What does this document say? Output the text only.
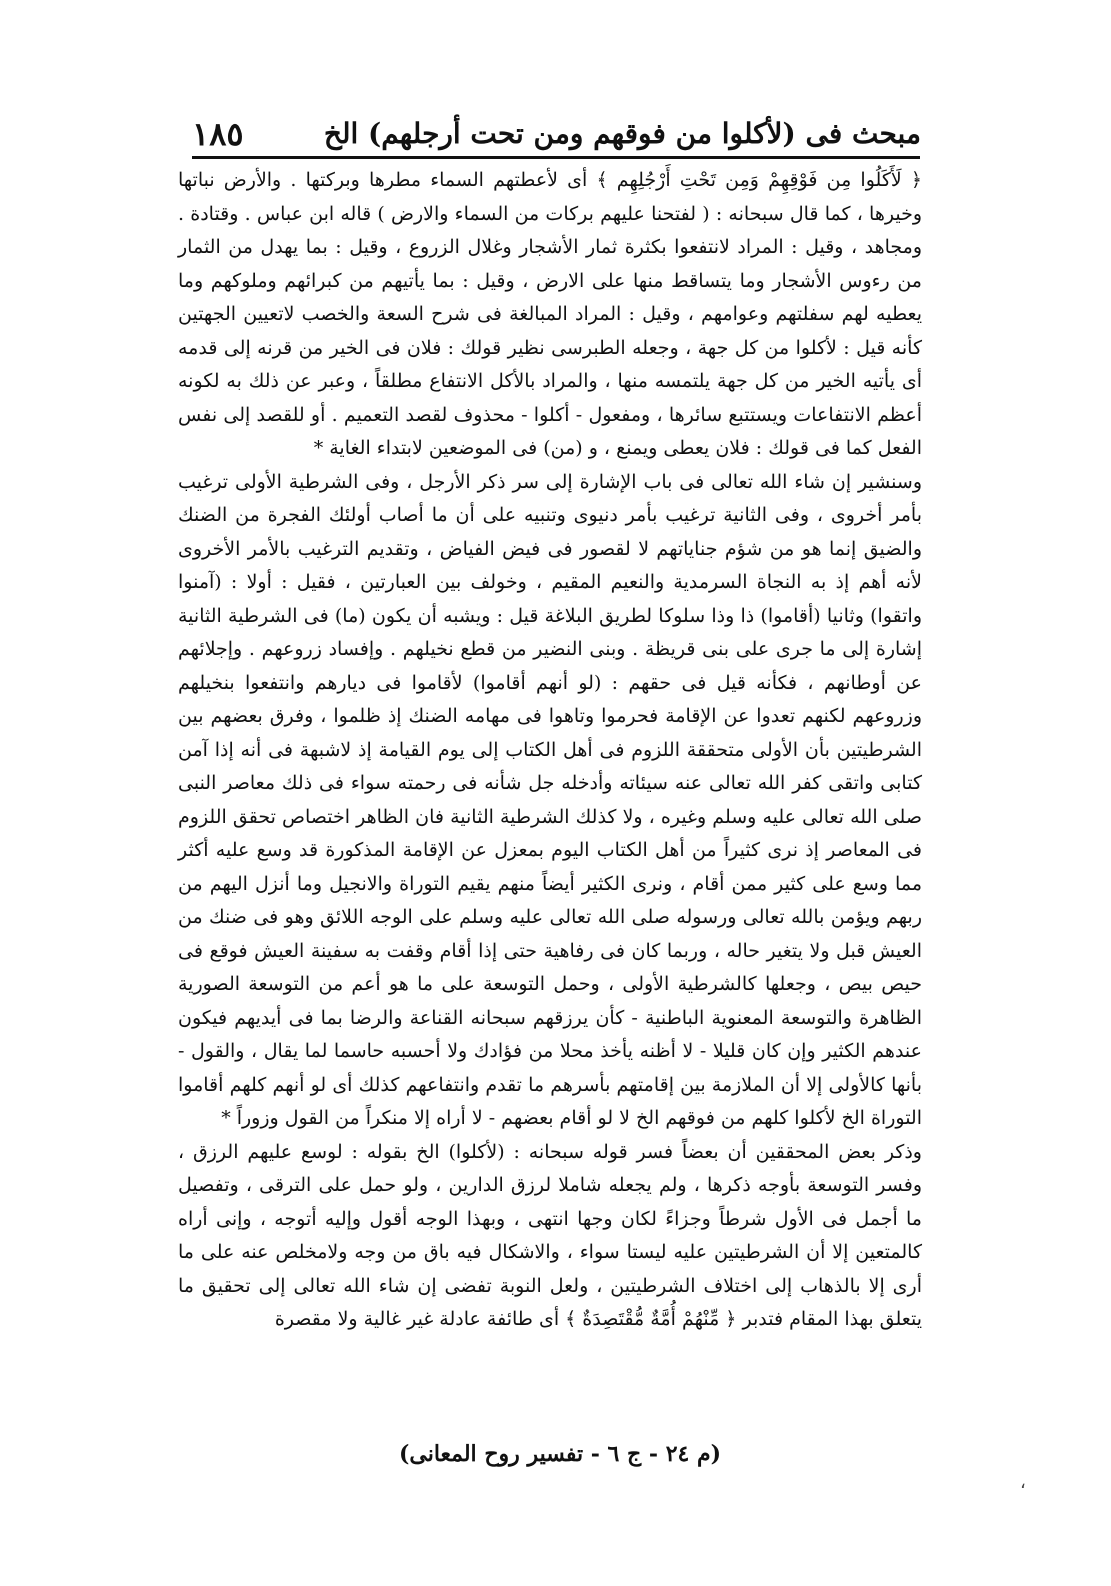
مبحث فى (لأكلوا من فوقهم ومن تحت أرجلهم) الخ
١٨٥

﴿ لَأَكَلُوا مِن فَوْقِهِمْ وَمِن تَحْتِ أَرْجُلِهِم ﴾ أى لأعطتهم السماء مطرها وبركتها . والأرض نباتها وخيرها ، كما قال سبحانه : ( لفتحنا عليهم بركات من السماء والارض ) قاله ابن عباس . وقتادة . ومجاهد ، وقيل : المراد لانتفعوا بكثرة ثمار الأشجار وغلال الزروع ، وقيل : بما يهدل من الثمار من رءوس الأشجار وما يتساقط منها على الارض ، وقيل : بما يأتيهم من كبرائهم وملوكهم وما يعطيه لهم سفلتهم وعوامهم ، وقيل : المراد المبالغة فى شرح السعة والخصب لاتعيين الجهتين كأنه قيل : لأكلوا من كل جهة ، وجعله الطبرسى نظير قولك : فلان فى الخير من قرنه إلى قدمه أى يأتيه الخير من كل جهة يلتمسه منها ، والمراد بالأكل الانتفاع مطلقاً ، وعبر عن ذلك به لكونه أعظم الانتفاعات ويستتبع سائرها ، ومفعول - أكلوا - محذوف لقصد التعميم . أو للقصد إلى نفس الفعل كما فى قولك : فلان يعطى ويمنع ، و (من) فى الموضعين لابتداء الغاية *

وسنشير إن شاء الله تعالى فى باب الإشارة إلى سر ذكر الأرجل ، وفى الشرطية الأولى ترغيب بأمر أخروى ، وفى الثانية ترغيب بأمر دنيوى وتنبيه على أن ما أصاب أولئك الفجرة من الضنك والضيق إنما هو من شؤم جناياتهم لا لقصور فى فيض الفياض ، وتقديم الترغيب بالأمر الأخروى لأنه أهم إذ به النجاة السرمدية والنعيم المقيم ، وخولف بين العبارتين ، فقيل : أولا : (آمنوا واتقوا) وثانيا (أقاموا) ذا وذا سلوكا لطريق البلاغة قيل : ويشبه أن يكون (ما) فى الشرطية الثانية إشارة إلى ما جرى على بنى قريظة . وبنى النضير من قطع نخيلهم . وإفساد زروعهم . وإجلائهم عن أوطانهم ، فكأنه قيل فى حقهم : (لو أنهم أقاموا) لأقاموا فى ديارهم وانتفعوا بنخيلهم وزروعهم لكنهم تعدوا عن الإقامة فحرموا وتاهوا فى مهامه الضنك إذ ظلموا ، وفرق بعضهم بين الشرطيتين بأن الأولى متحققة اللزوم فى أهل الكتاب إلى يوم القيامة إذ لاشبهة فى أنه إذا آمن كتابى واتقى كفر الله تعالى عنه سيئاته وأدخله جل شأنه فى رحمته سواء فى ذلك معاصر النبى صلى الله تعالى عليه وسلم وغيره ، ولا كذلك الشرطية الثانية فان الظاهر اختصاص تحقق اللزوم فى المعاصر إذ نرى كثيراً من أهل الكتاب اليوم بمعزل عن الإقامة المذكورة قد وسع عليه أكثر مما وسع على كثير ممن أقام ، ونرى الكثير أيضاً منهم يقيم التوراة والانجيل وما أنزل اليهم من ربهم ويؤمن بالله تعالى ورسوله صلى الله تعالى عليه وسلم على الوجه اللائق وهو فى ضنك من العيش قبل ولا يتغير حاله ، وربما كان فى رفاهية حتى إذا أقام وقفت به سفينة العيش فوقع فى حيص بيص ، وجعلها كالشرطية الأولى ، وحمل التوسعة على ما هو أعم من التوسعة الصورية الظاهرة والتوسعة المعنوية الباطنية - كأن يرزقهم سبحانه القناعة والرضا بما فى أيديهم فيكون عندهم الكثير وإن كان قليلا - لا أظنه يأخذ محلا من فؤادك ولا أحسبه حاسما لما يقال ، والقول - بأنها كالأولى إلا أن الملازمة بين إقامتهم بأسرهم ما تقدم وانتفاعهم كذلك أى لو أنهم كلهم أقاموا التوراة الخ لأكلوا كلهم من فوقهم الخ لا لو أقام بعضهم - لا أراه إلا منكراً من القول وزوراً *

وذكر بعض المحققين أن بعضاً فسر قوله سبحانه : (لأكلوا) الخ بقوله : لوسع عليهم الرزق ، وفسر التوسعة بأوجه ذكرها ، ولم يجعله شاملا لرزق الدارين ، ولو حمل على الترقى ، وتفصيل ما أجمل فى الأول شرطاً وجزاءً لكان وجها انتهى ، وبهذا الوجه أقول وإليه أتوجه ، وإنى أراه كالمتعين إلا أن الشرطيتين عليه ليستا سواء ، والاشكال فيه باق من وجه ولامخلص عنه على ما أرى إلا بالذهاب إلى اختلاف الشرطيتين ، ولعل النوبة تفضى إن شاء الله تعالى إلى تحقيق ما يتعلق بهذا المقام فتدبر ﴿ مِّنْهُمْ أُمَّةٌ مُّقْتَصِدَةٌ ﴾ أى طائفة عادلة غير غالية ولا مقصرة

(م ٢٤ - ج ٦ - تفسير روح المعانى)
،
